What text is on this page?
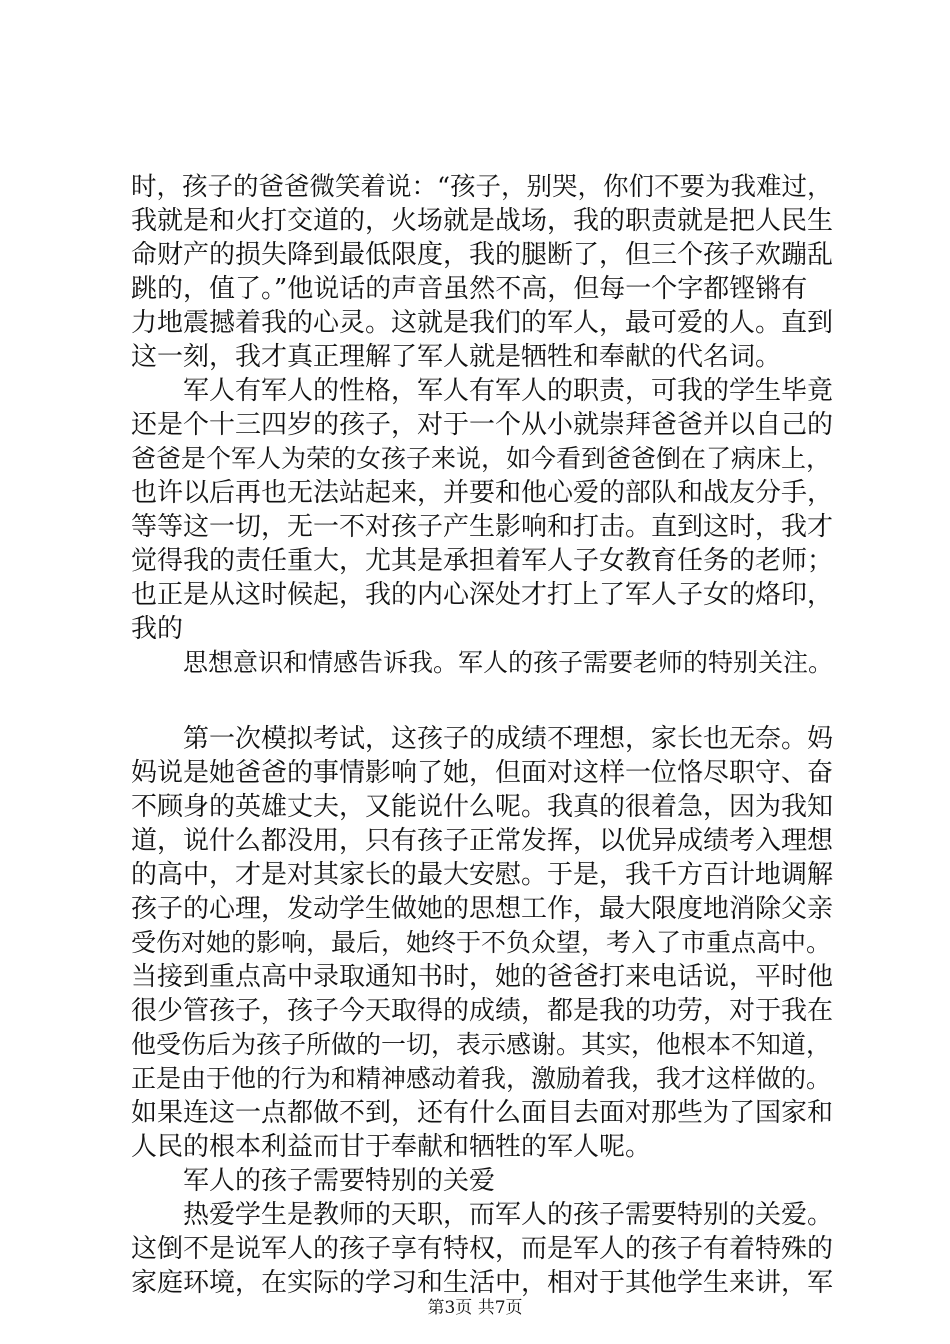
时，孩子的爸爸微笑着说：“孩子，别哭，你们不要为我难过，
我就是和火打交道的，火场就是战场，我的职责就是把人民生
命财产的损失降到最低限度，我的腿断了，但三个孩子欢蹦乱
跳的，值了。”他说话的声音虽然不高，但每一个字都铿锵有
力地震撼着我的心灵。这就是我们的军人，最可爱的人。直到
这一刻，我才真正理解了军人就是牺牲和奉献的代名词。
军人有军人的性格，军人有军人的职责，可我的学生毕竟
还是个十三四岁的孩子，对于一个从小就崇拜爸爸并以自己的
爸爸是个军人为荣的女孩子来说，如今看到爸爸倒在了病床上，
也许以后再也无法站起来，并要和他心爱的部队和战友分手，
等等这一切，无一不对孩子产生影响和打击。直到这时，我才
觉得我的责任重大，尤其是承担着军人子女教育任务的老师；
也正是从这时候起，我的内心深处才打上了军人子女的烙印，
我的
思想意识和情感告诉我。军人的孩子需要老师的特别关注。
第一次模拟考试，这孩子的成绩不理想，家长也无奈。妈
妈说是她爸爸的事情影响了她，但面对这样一位恪尽职守、奋
不顾身的英雄丈夫，又能说什么呢。我真的很着急，因为我知
道，说什么都没用，只有孩子正常发挥，以优异成绩考入理想
的高中，才是对其家长的最大安慰。于是，我千方百计地调解
孩子的心理，发动学生做她的思想工作，最大限度地消除父亲
受伤对她的影响，最后，她终于不负众望，考入了市重点高中。
当接到重点高中录取通知书时，她的爸爸打来电话说，平时他
很少管孩子，孩子今天取得的成绩，都是我的功劳，对于我在
他受伤后为孩子所做的一切，表示感谢。其实，他根本不知道，
正是由于他的行为和精神感动着我，激励着我，我才这样做的。
如果连这一点都做不到，还有什么面目去面对那些为了国家和
人民的根本利益而甘于奉献和牺牲的军人呢。
军人的孩子需要特别的关爱
热爱学生是教师的天职，而军人的孩子需要特别的关爱。
这倒不是说军人的孩子享有特权，而是军人的孩子有着特殊的
家庭环境，在实际的学习和生活中，相对于其他学生来讲，军
第3页 共7页
